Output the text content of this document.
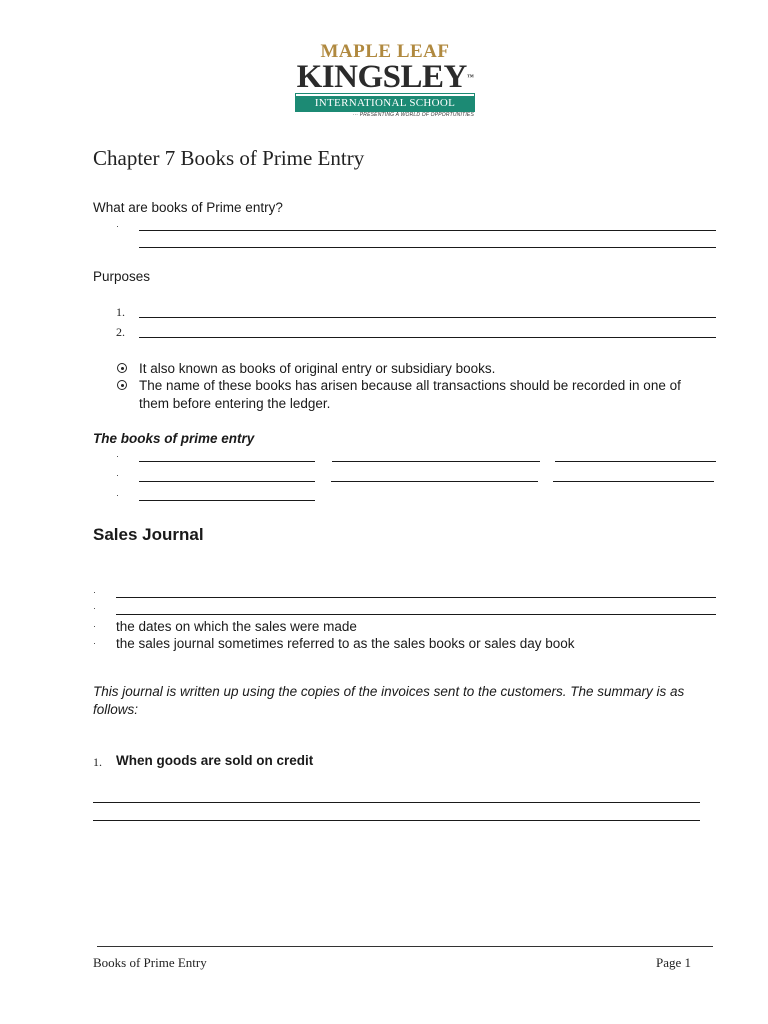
MAPLE LEAF
KINGSLEY™
INTERNATIONAL SCHOOL
··· PRESENTING A WORLD OF OPPORTUNITIES
Chapter 7 Books of Prime Entry
What are books of Prime entry?
·
Purposes
1.
2.
It also known as books of original entry or subsidiary books.
The name of these books has arisen because all transactions should be recorded in one of
them before entering the ledger.
The books of prime entry
·
·
·
Sales Journal
·
·
· the dates on which the sales were made
· the sales journal sometimes referred to as the sales books or sales day book
This journal is written up using the copies of the invoices sent to the customers. The summary is as
follows:
1. When goods are sold on credit
Books of Prime Entry	Page 1
